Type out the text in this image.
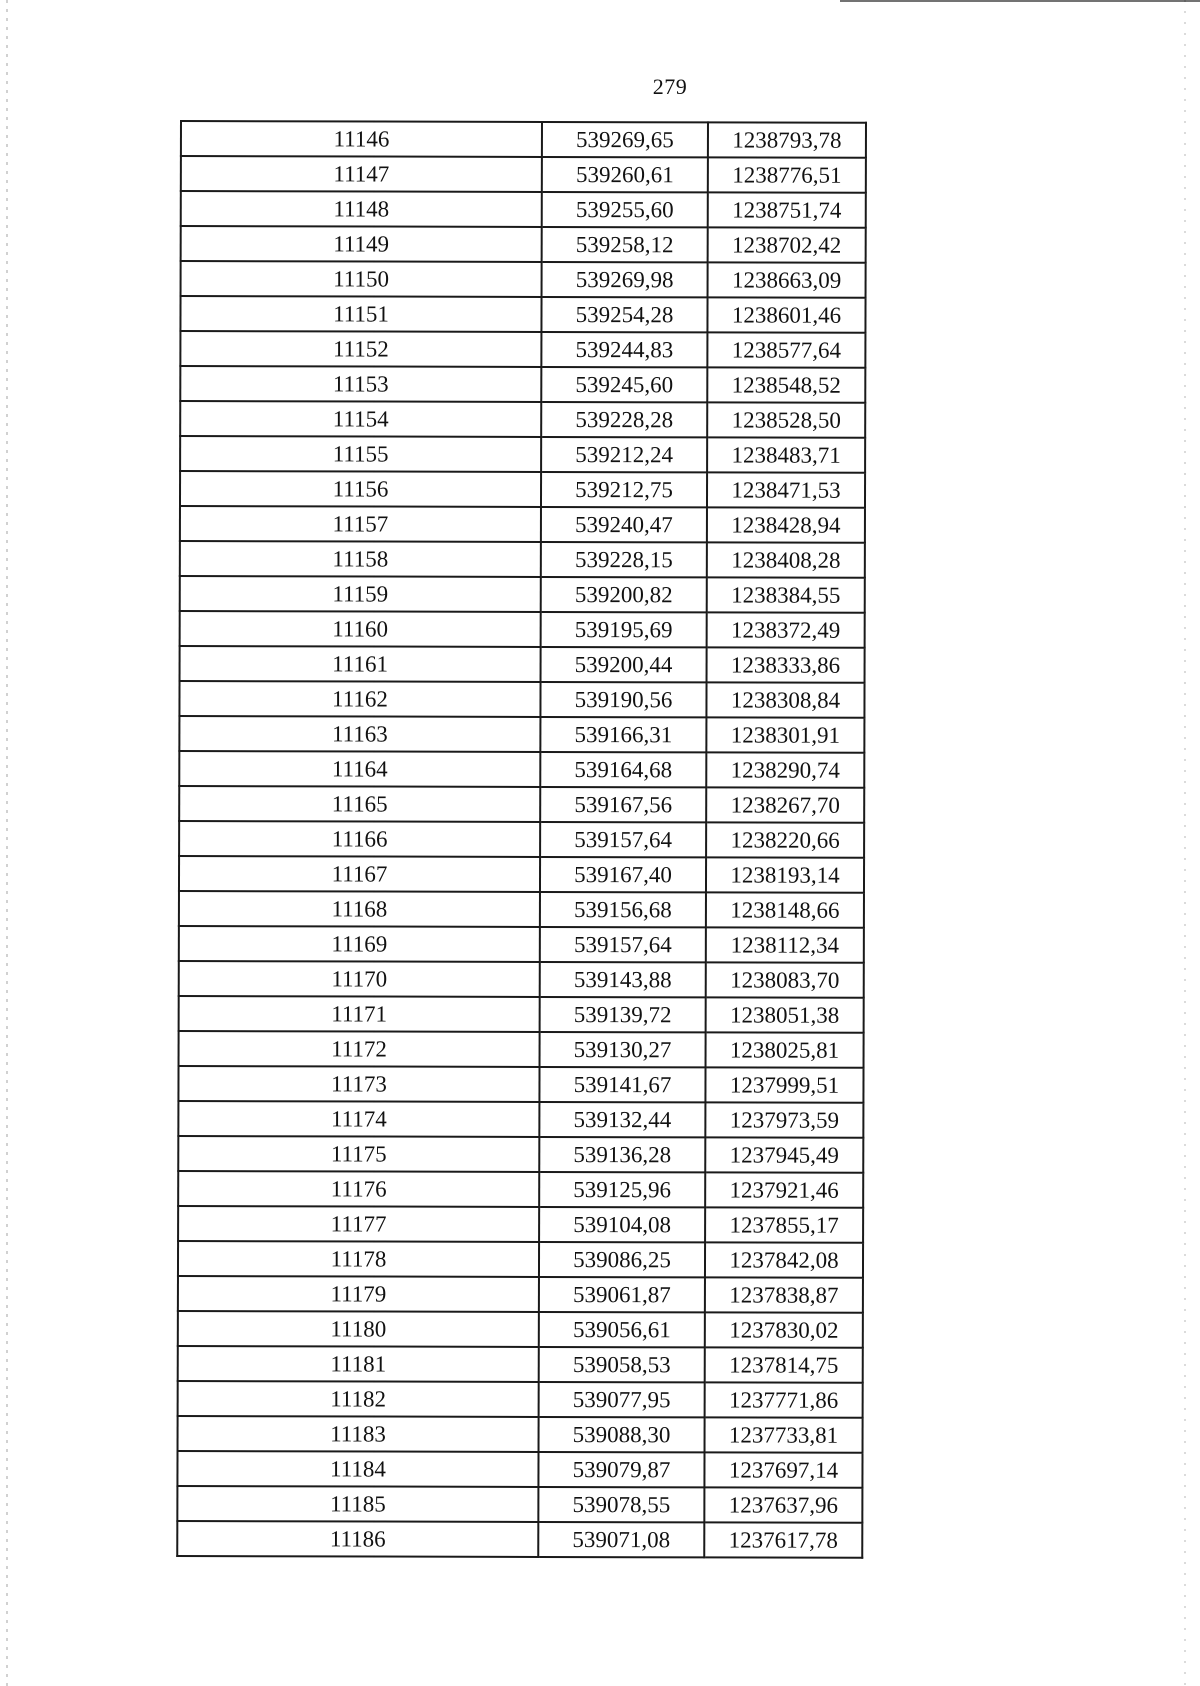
279
11146	539269,65	1238793,78
11147	539260,61	1238776,51
11148	539255,60	1238751,74
11149	539258,12	1238702,42
11150	539269,98	1238663,09
11151	539254,28	1238601,46
11152	539244,83	1238577,64
11153	539245,60	1238548,52
11154	539228,28	1238528,50
11155	539212,24	1238483,71
11156	539212,75	1238471,53
11157	539240,47	1238428,94
11158	539228,15	1238408,28
11159	539200,82	1238384,55
11160	539195,69	1238372,49
11161	539200,44	1238333,86
11162	539190,56	1238308,84
11163	539166,31	1238301,91
11164	539164,68	1238290,74
11165	539167,56	1238267,70
11166	539157,64	1238220,66
11167	539167,40	1238193,14
11168	539156,68	1238148,66
11169	539157,64	1238112,34
11170	539143,88	1238083,70
11171	539139,72	1238051,38
11172	539130,27	1238025,81
11173	539141,67	1237999,51
11174	539132,44	1237973,59
11175	539136,28	1237945,49
11176	539125,96	1237921,46
11177	539104,08	1237855,17
11178	539086,25	1237842,08
11179	539061,87	1237838,87
11180	539056,61	1237830,02
11181	539058,53	1237814,75
11182	539077,95	1237771,86
11183	539088,30	1237733,81
11184	539079,87	1237697,14
11185	539078,55	1237637,96
11186	539071,08	1237617,78
